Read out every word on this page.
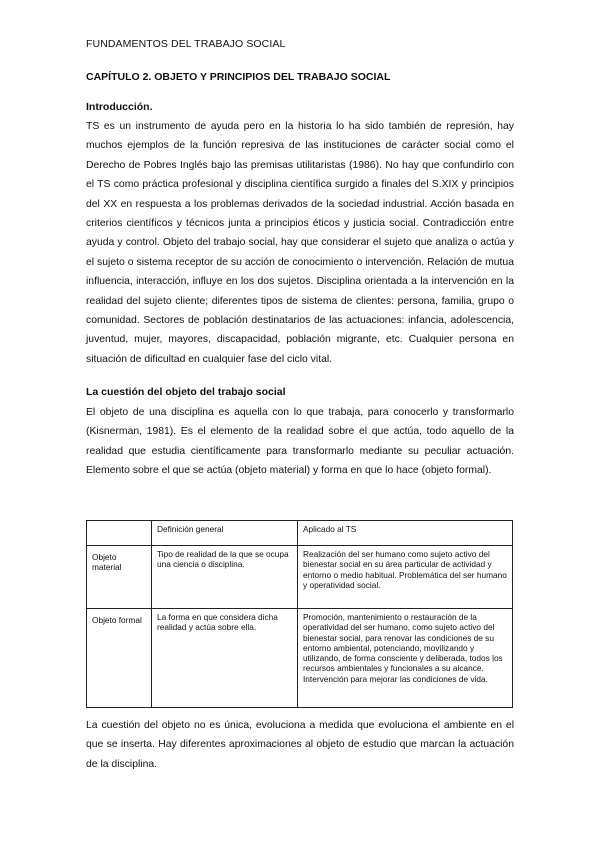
FUNDAMENTOS DEL TRABAJO SOCIAL
CAPÍTULO 2. OBJETO Y PRINCIPIOS DEL TRABAJO SOCIAL
Introducción.

TS es un instrumento de ayuda pero en la historia lo ha sido también de represión, hay muchos ejemplos de la función represiva de las instituciones de carácter social como el Derecho de Pobres Inglés bajo las premisas utilitaristas (1986). No hay que confundirlo con el TS como práctica profesional y disciplina científica surgido a finales del S.XIX y principios del XX en respuesta a los problemas derivados de la sociedad industrial. Acción basada en criterios científicos y técnicos junta a principios éticos y justicia social. Contradicción entre ayuda y control. Objeto del trabajo social, hay que considerar el sujeto que analiza o actúa y el sujeto o sistema receptor de su acción de conocimiento o intervención. Relación de mutua influencia, interacción, influye en los dos sujetos. Disciplina orientada a la intervención en la realidad del sujeto cliente; diferentes tipos de sistema de clientes: persona, familia, grupo o comunidad. Sectores de población destinatarios de las actuaciones: infancia, adolescencia, juventud, mujer, mayores, discapacidad, población migrante, etc. Cualquier persona en situación de dificultad en cualquier fase del ciclo vital.

La cuestión del objeto del trabajo social

El objeto de una disciplina es aquella con lo que trabaja, para conocerlo y transformarlo (Kisnerman, 1981). Es el elemento de la realidad sobre el que actúa, todo aquello de la realidad que estudia científicamente para transformarlo mediante su peculiar actuación. Elemento sobre el que se actúa (objeto material) y forma en que lo hace (objeto formal).

	Definición general	Aplicado al TS
Objeto material	Tipo de realidad de la que se ocupa una ciencia o disciplina.	Realización del ser humano como sujeto activo del bienestar social en su área particular de actividad y entorno o medio habitual. Problemática del ser humano y operatividad social.
Objeto formal	La forma en que considera dicha realidad y actúa sobre ella.	Promoción, mantenimiento o restauración de la operatividad del ser humano, como sujeto activo del bienestar social, para renovar las condiciones de su entorno ambiental, potenciando, movilizando y utilizando, de forma consciente y deliberada, todos los recursos ambientales y funcionales a su alcance. Intervención para mejorar las condiciones de vida.

La cuestión del objeto no es única, evoluciona a medida que evoluciona el ambiente en el que se inserta. Hay diferentes aproximaciones al objeto de estudio que marcan la actuación de la disciplina.
